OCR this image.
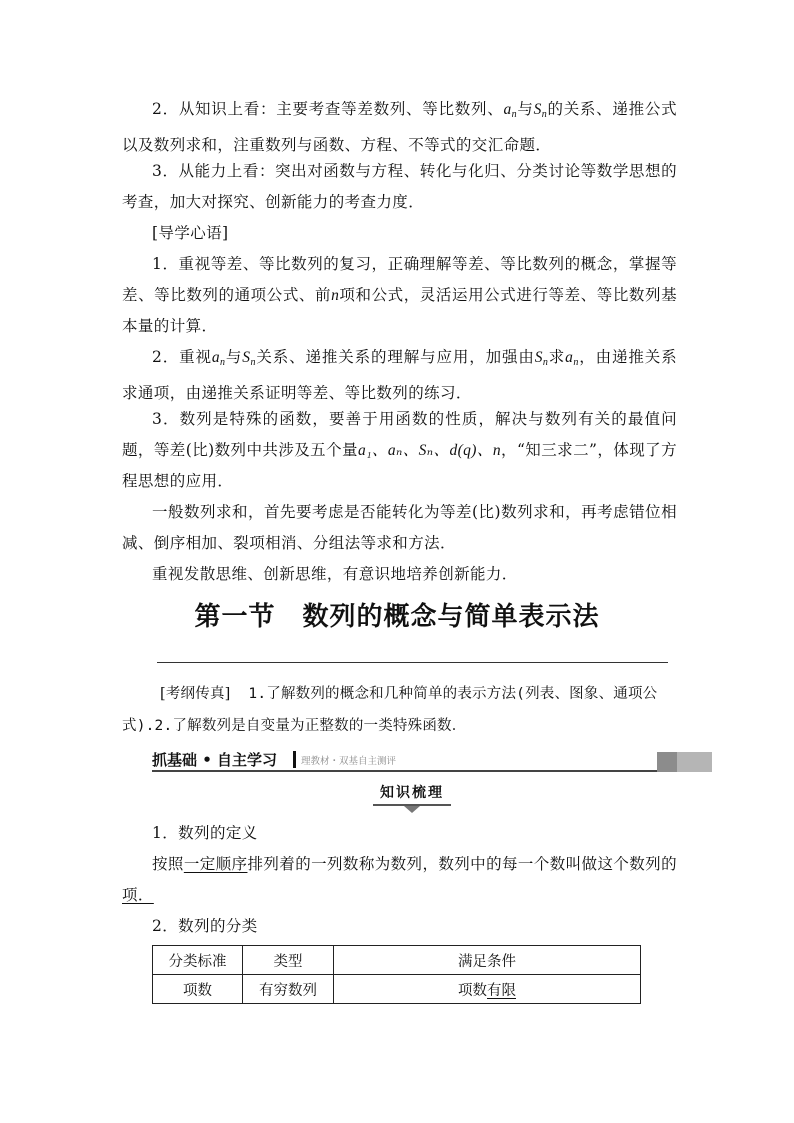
2．从知识上看：主要考查等差数列、等比数列、$a_n$与$S_n$的关系、递推公式以及数列求和，注重数列与函数、方程、不等式的交汇命题．
3．从能力上看：突出对函数与方程、转化与化归、分类讨论等数学思想的考查，加大对探究、创新能力的考查力度．
[导学心语]
1．重视等差、等比数列的复习，正确理解等差、等比数列的概念，掌握等差、等比数列的通项公式、前n项和公式，灵活运用公式进行等差、等比数列基本量的计算．
2．重视$a_n$与$S_n$关系、递推关系的理解与应用，加强由$S_n$求$a_n$，由递推关系求通项，由递推关系证明等差、等比数列的练习．
3．数列是特殊的函数，要善于用函数的性质，解决与数列有关的最值问题，等差(比)数列中共涉及五个量a₁、aₙ、Sₙ、d(q)、n，“知三求二”，体现了方程思想的应用．
一般数列求和，首先要考虑是否能转化为等差(比)数列求和，再考虑错位相减、倒序相加、裂项相消、分组法等求和方法．
重视发散思维、创新思维，有意识地培养创新能力．
第一节　数列的概念与简单表示法
[考纲传真] 1.了解数列的概念和几种简单的表示方法(列表、图象、通项公式).2.了解数列是自变量为正整数的一类特殊函数．
抓基础 • 自主学习	理教材・双基自主测评
知识梳理
1．数列的定义
按照一定顺序排列着的一列数称为数列，数列中的每一个数叫做这个数列的项．
2．数列的分类
分类标准	类型	满足条件
项数	有穷数列	项数有限
